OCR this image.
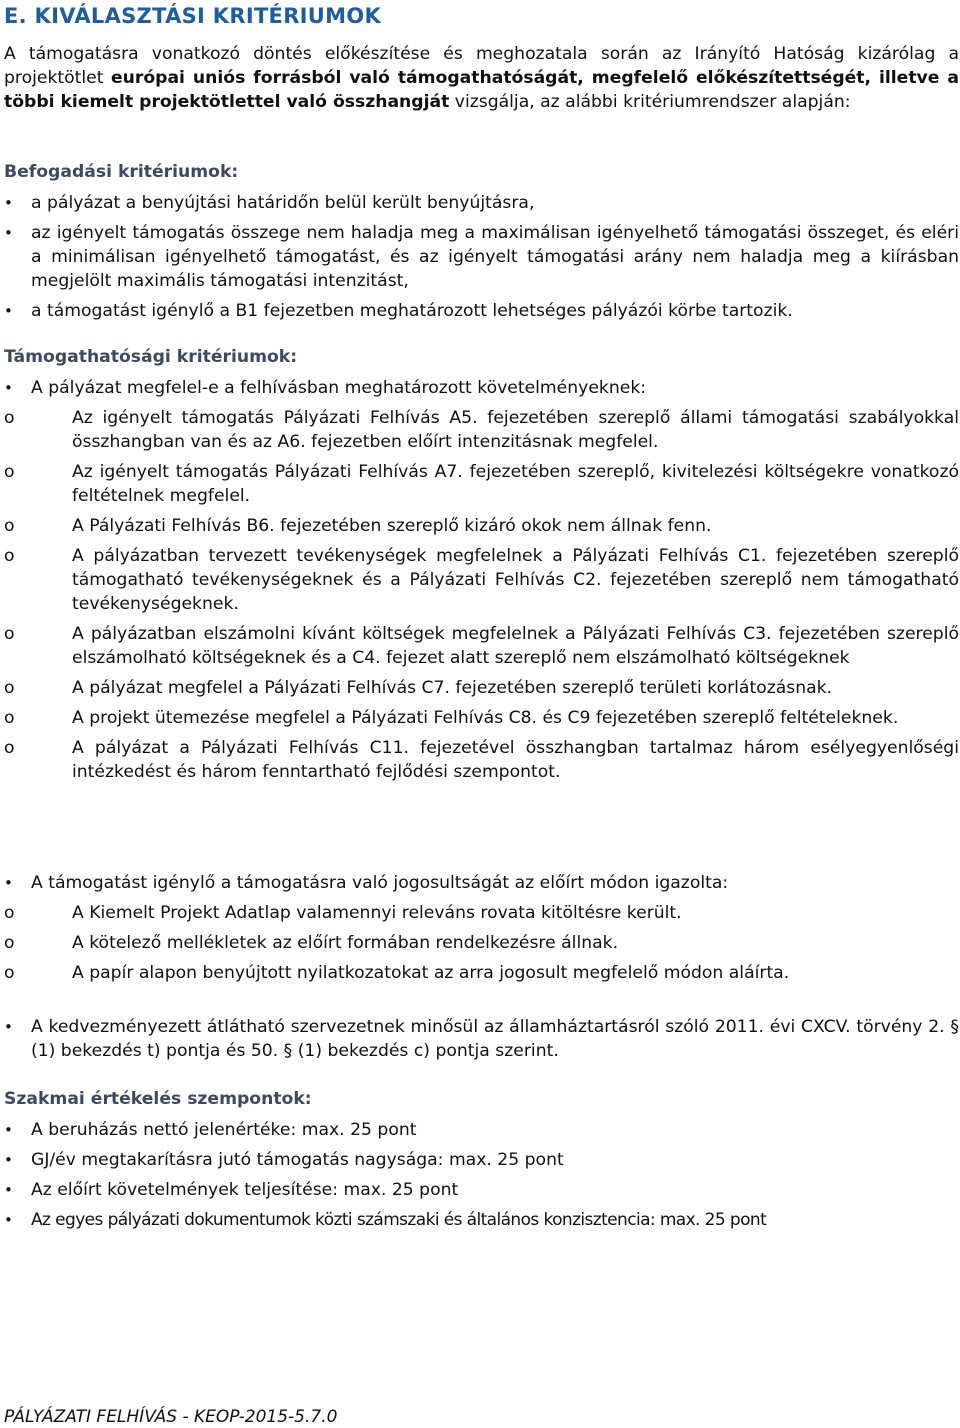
E. KIVÁLASZTÁSI KRITÉRIUMOK

A támogatásra vonatkozó döntés előkészítése és meghozatala során az Irányító Hatóság kizárólag a projektötlet európai uniós forrásból való támogathatóságát, megfelelő előkészítettségét, illetve a többi kiemelt projektötlettel való összhangját vizsgálja, az alábbi kritériumrendszer alapján:

Befogadási kritériumok:
• a pályázat a benyújtási határidőn belül került benyújtásra,
• az igényelt támogatás összege nem haladja meg a maximálisan igényelhető támogatási összeget, és eléri a minimálisan igényelhető támogatást, és az igényelt támogatási arány nem haladja meg a kiírásban megjelölt maximális támogatási intenzitást,
• a támogatást igénylő a B1 fejezetben meghatározott lehetséges pályázói körbe tartozik.
Támogathatósági kritériumok:
• A pályázat megfelel-e a felhívásban meghatározott követelményeknek:
o	Az igényelt támogatás Pályázati Felhívás A5. fejezetében szereplő állami támogatási szabályokkal összhangban van és az A6. fejezetben előírt intenzitásnak megfelel.
o	Az igényelt támogatás Pályázati Felhívás A7. fejezetében szereplő, kivitelezési költségekre vonatkozó feltételnek megfelel.
o	A Pályázati Felhívás B6. fejezetében szereplő kizáró okok nem állnak fenn.
o	A pályázatban tervezett tevékenységek megfelelnek a Pályázati Felhívás C1. fejezetében szereplő támogatható tevékenységeknek és a Pályázati Felhívás C2. fejezetében szereplő nem támogatható tevékenységeknek.
o	A pályázatban elszámolni kívánt költségek megfelelnek a Pályázati Felhívás C3. fejezetében szereplő elszámolható költségeknek és a C4. fejezet alatt szereplő nem elszámolható költségeknek
o	A pályázat megfelel a Pályázati Felhívás C7. fejezetében szereplő területi korlátozásnak.
o	A projekt ütemezése megfelel a Pályázati Felhívás C8. és C9 fejezetében szereplő feltételeknek.
o	A pályázat a Pályázati Felhívás C11. fejezetével összhangban tartalmaz három esélyegyenlőségi intézkedést és három fenntartható fejlődési szempontot.
• A támogatást igénylő a támogatásra való jogosultságát az előírt módon igazolta:
o	A Kiemelt Projekt Adatlap valamennyi releváns rovata kitöltésre került.
o	A kötelező mellékletek az előírt formában rendelkezésre állnak.
o	A papír alapon benyújtott nyilatkozatokat az arra jogosult megfelelő módon aláírta.
• A kedvezményezett átlátható szervezetnek minősül az államháztartásról szóló 2011. évi CXCV. törvény 2. § (1) bekezdés t) pontja és 50. § (1) bekezdés c) pontja szerint.
Szakmai értékelés szempontok:
• A beruházás nettó jelenértéke: max. 25 pont
• GJ/év megtakarításra jutó támogatás nagysága: max. 25 pont
• Az előírt követelmények teljesítése: max. 25 pont
• Az egyes pályázati dokumentumok közti számszaki és általános konzisztencia: max. 25 pont
PÁLYÁZATI FELHÍVÁS - KEOP-2015-5.7.0
